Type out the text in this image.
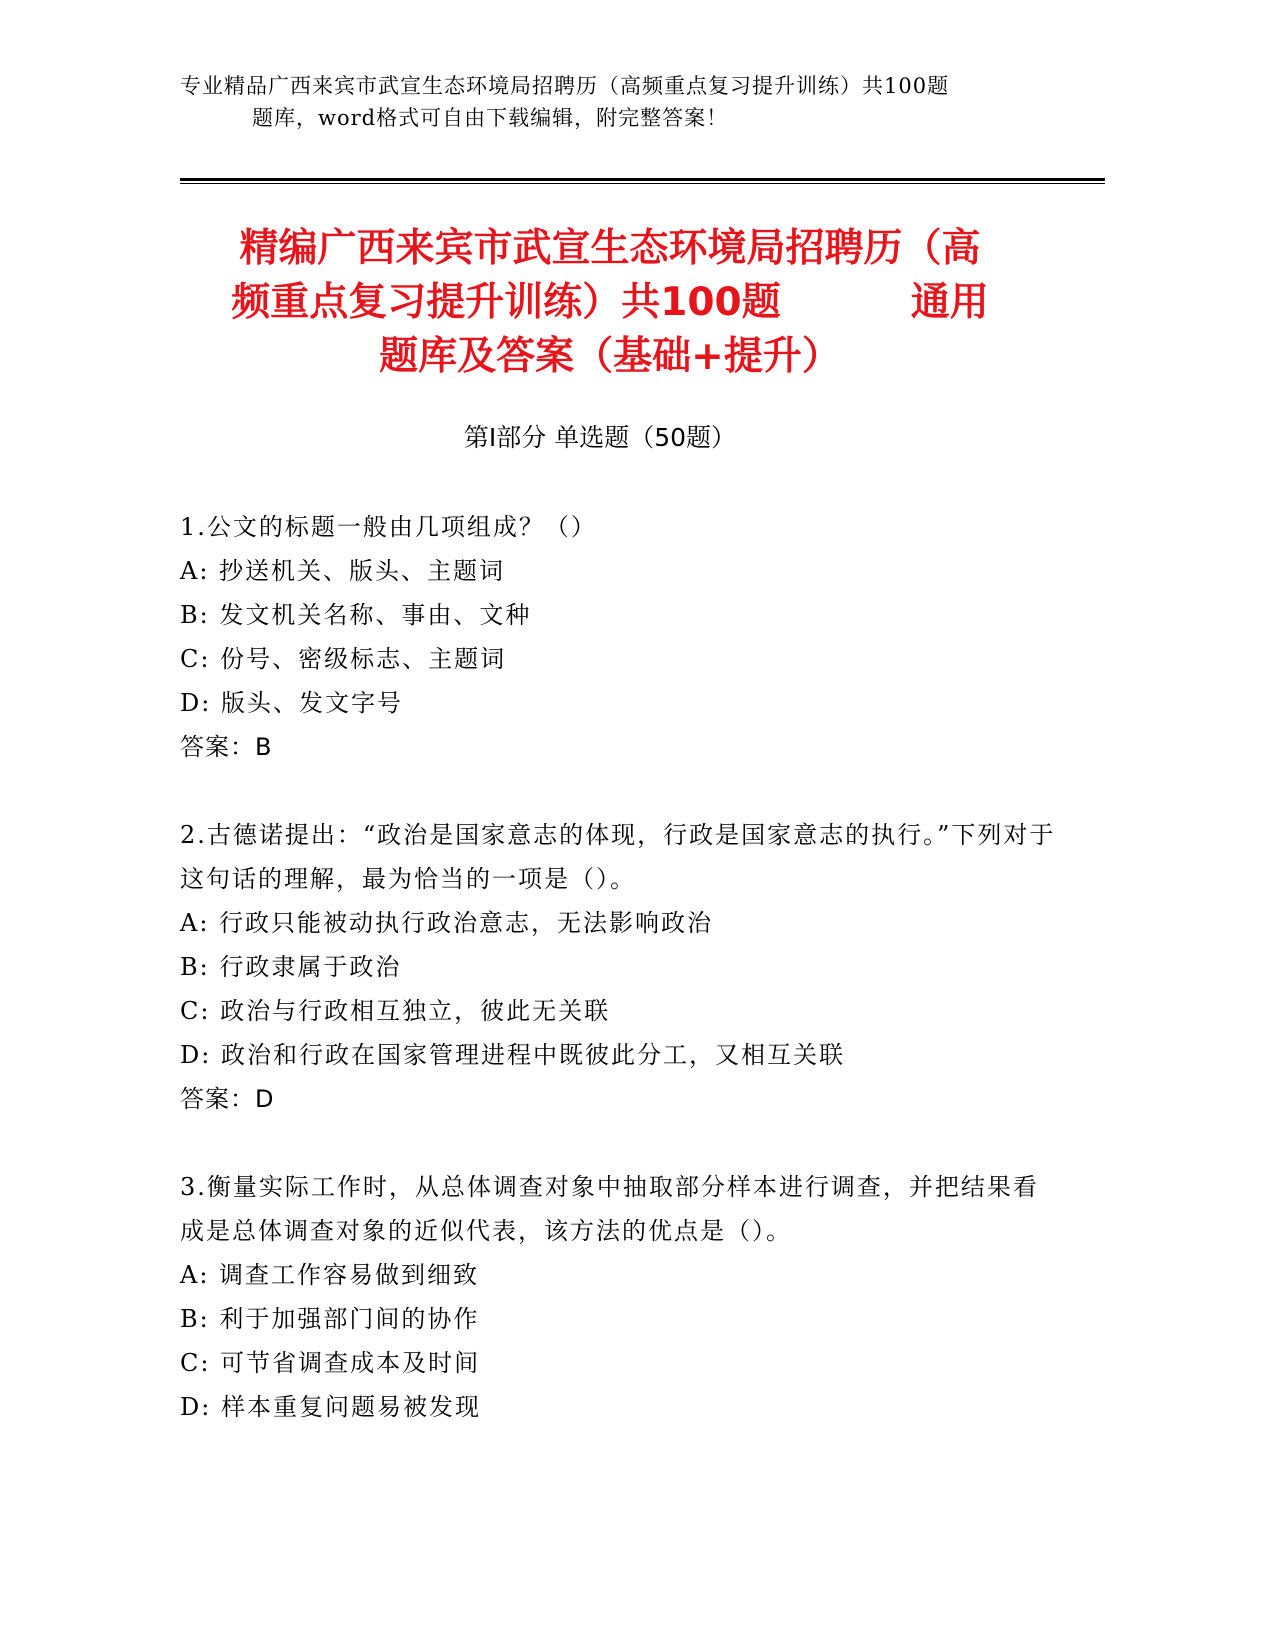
专业精品广西来宾市武宣生态环境局招聘历（高频重点复习提升训练）共100题
题库，word格式可自由下载编辑，附完整答案！
精编广西来宾市武宣生态环境局招聘历（高
频重点复习提升训练）共100题	通用
题库及答案（基础+提升）
第Ⅰ部分 单选题（50题）
1.公文的标题一般由几项组成？（）
A: 抄送机关、版头、主题词
B: 发文机关名称、事由、文种
C: 份号、密级标志、主题词
D: 版头、发文字号
答案：B
2.古德诺提出：“政治是国家意志的体现，行政是国家意志的执行。”下列对于这句话的理解，最为恰当的一项是（）。
A: 行政只能被动执行政治意志，无法影响政治
B: 行政隶属于政治
C: 政治与行政相互独立，彼此无关联
D: 政治和行政在国家管理进程中既彼此分工，又相互关联
答案：D
3.衡量实际工作时，从总体调查对象中抽取部分样本进行调查，并把结果看成是总体调查对象的近似代表，该方法的优点是（）。
A: 调查工作容易做到细致
B: 利于加强部门间的协作
C: 可节省调查成本及时间
D: 样本重复问题易被发现
